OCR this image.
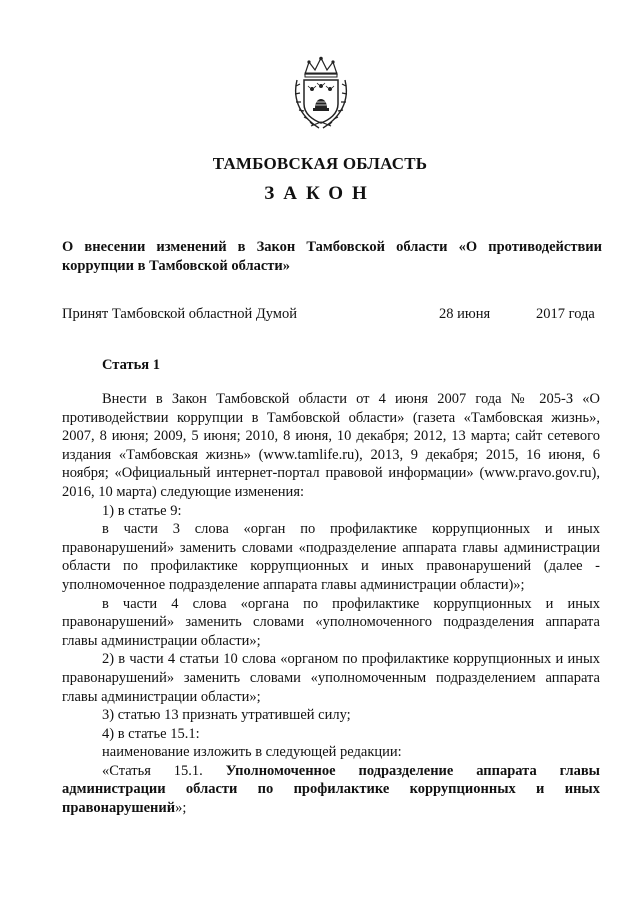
ТАМБОВСКАЯ ОБЛАСТЬ
ЗАКОН
О внесении изменений в Закон Тамбовской области «О противодействии коррупции в Тамбовской области»
Принят Тамбовской областной Думой	28 июня	2017 года
Статья 1

Внести в Закон Тамбовской области от 4 июня 2007 года № 205-З «О противодействии коррупции в Тамбовской области» (газета «Тамбовская жизнь», 2007, 8 июня; 2009, 5 июня; 2010, 8 июня, 10 декабря; 2012, 13 марта; сайт сетевого издания «Тамбовская жизнь» (www.tamlife.ru), 2013, 9 декабря; 2015, 16 июня, 6 ноября; «Официальный интернет-портал правовой информации» (www.pravo.gov.ru), 2016, 10 марта) следующие изменения:

1) в статье 9:

в части 3 слова «орган по профилактике коррупционных и иных правонарушений» заменить словами «подразделение аппарата главы администрации области по профилактике коррупционных и иных правонарушений (далее - уполномоченное подразделение аппарата главы администрации области)»;

в части 4 слова «органа по профилактике коррупционных и иных правонарушений» заменить словами «уполномоченного подразделения аппарата главы администрации области»;

2) в части 4 статьи 10 слова «органом по профилактике коррупционных и иных правонарушений» заменить словами «уполномоченным подразделением аппарата главы администрации области»;

3) статью 13 признать утратившей силу;

4) в статье 15.1:

наименование изложить в следующей редакции:

«Статья 15.1. Уполномоченное подразделение аппарата главы администрации области по профилактике коррупционных и иных правонарушений»;
